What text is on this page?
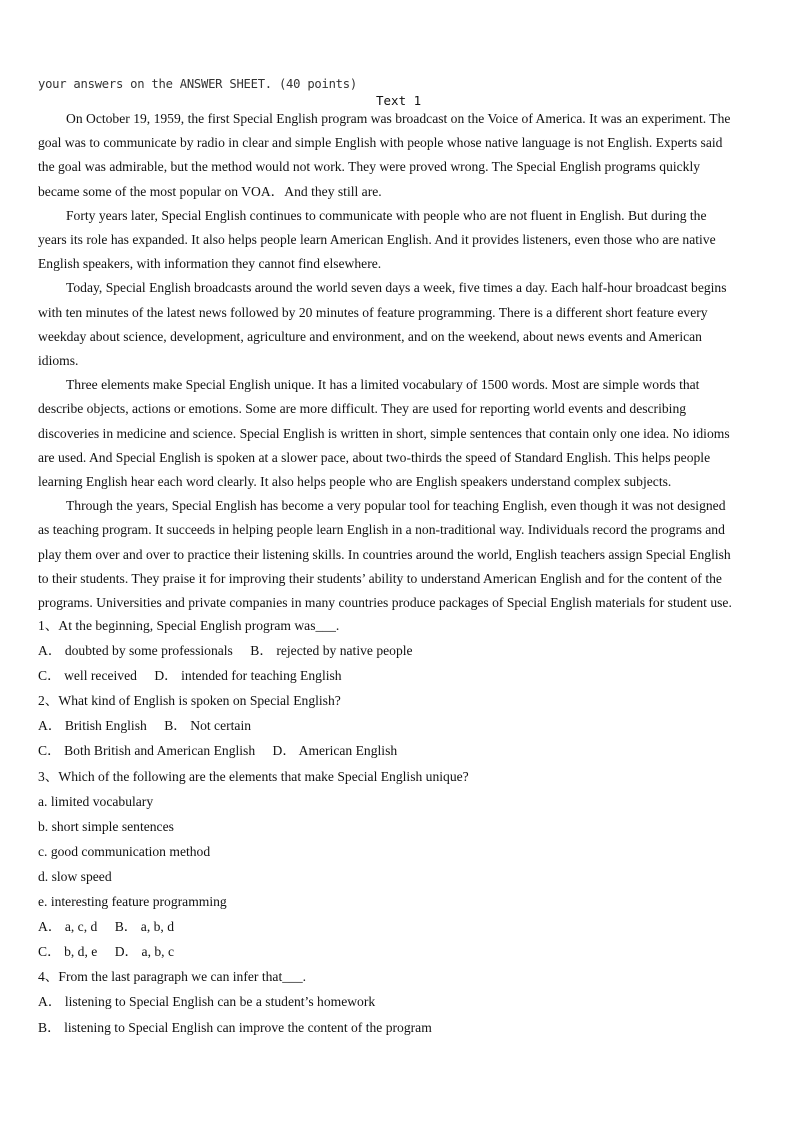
your answers on the ANSWER SHEET. (40 points)
Text 1

On October 19, 1959, the first Special English program was broadcast on the Voice of America. It was an experiment. The
goal was to communicate by radio in clear and simple English with people whose native language is not English. Experts said
the goal was admirable, but the method would not work. They were proved wrong. The Special English programs quickly
became some of the most popular on VOA．And they still are.

Forty years later, Special English continues to communicate with people who are not fluent in English. But during the
years its role has expanded. It also helps people learn American English. And it provides listeners, even those who are native
English speakers, with information they cannot find elsewhere.

Today, Special English broadcasts around the world seven days a week, five times a day. Each half-hour broadcast begins
with ten minutes of the latest news followed by 20 minutes of feature programming. There is a different short feature every
weekday about science, development, agriculture and environment, and on the weekend, about news events and American
idioms.

Three elements make Special English unique. It has a limited vocabulary of 1500 words. Most are simple words that
describe objects, actions or emotions. Some are more difficult. They are used for reporting world events and describing
discoveries in medicine and science. Special English is written in short, simple sentences that contain only one idea. No idioms
are used. And Special English is spoken at a slower pace, about two-thirds the speed of Standard English. This helps people
learning English hear each word clearly. It also helps people who are English speakers understand complex subjects.

Through the years, Special English has become a very popular tool for teaching English, even though it was not designed
as teaching program. It succeeds in helping people learn English in a non-traditional way. Individuals record the programs and
play them over and over to practice their listening skills. In countries around the world, English teachers assign Special English
to their students. They praise it for improving their students’ ability to understand American English and for the content of the
programs. Universities and private companies in many countries produce packages of Special English materials for student use.

1、At the beginning, Special English program was___.
A． doubted by some professionals B． rejected by native people
C． well received D． intended for teaching English
2、What kind of English is spoken on Special English?
A． British English B． Not certain
C． Both British and American English D． American English
3、Which of the following are the elements that make Special English unique?
a. limited vocabulary
b. short simple sentences
c. good communication method
d. slow speed
e. interesting feature programming
A． a, c, d B． a, b, d
C． b, d, e D． a, b, c
4、From the last paragraph we can infer that___.
A． listening to Special English can be a student’s homework
B． listening to Special English can improve the content of the program
